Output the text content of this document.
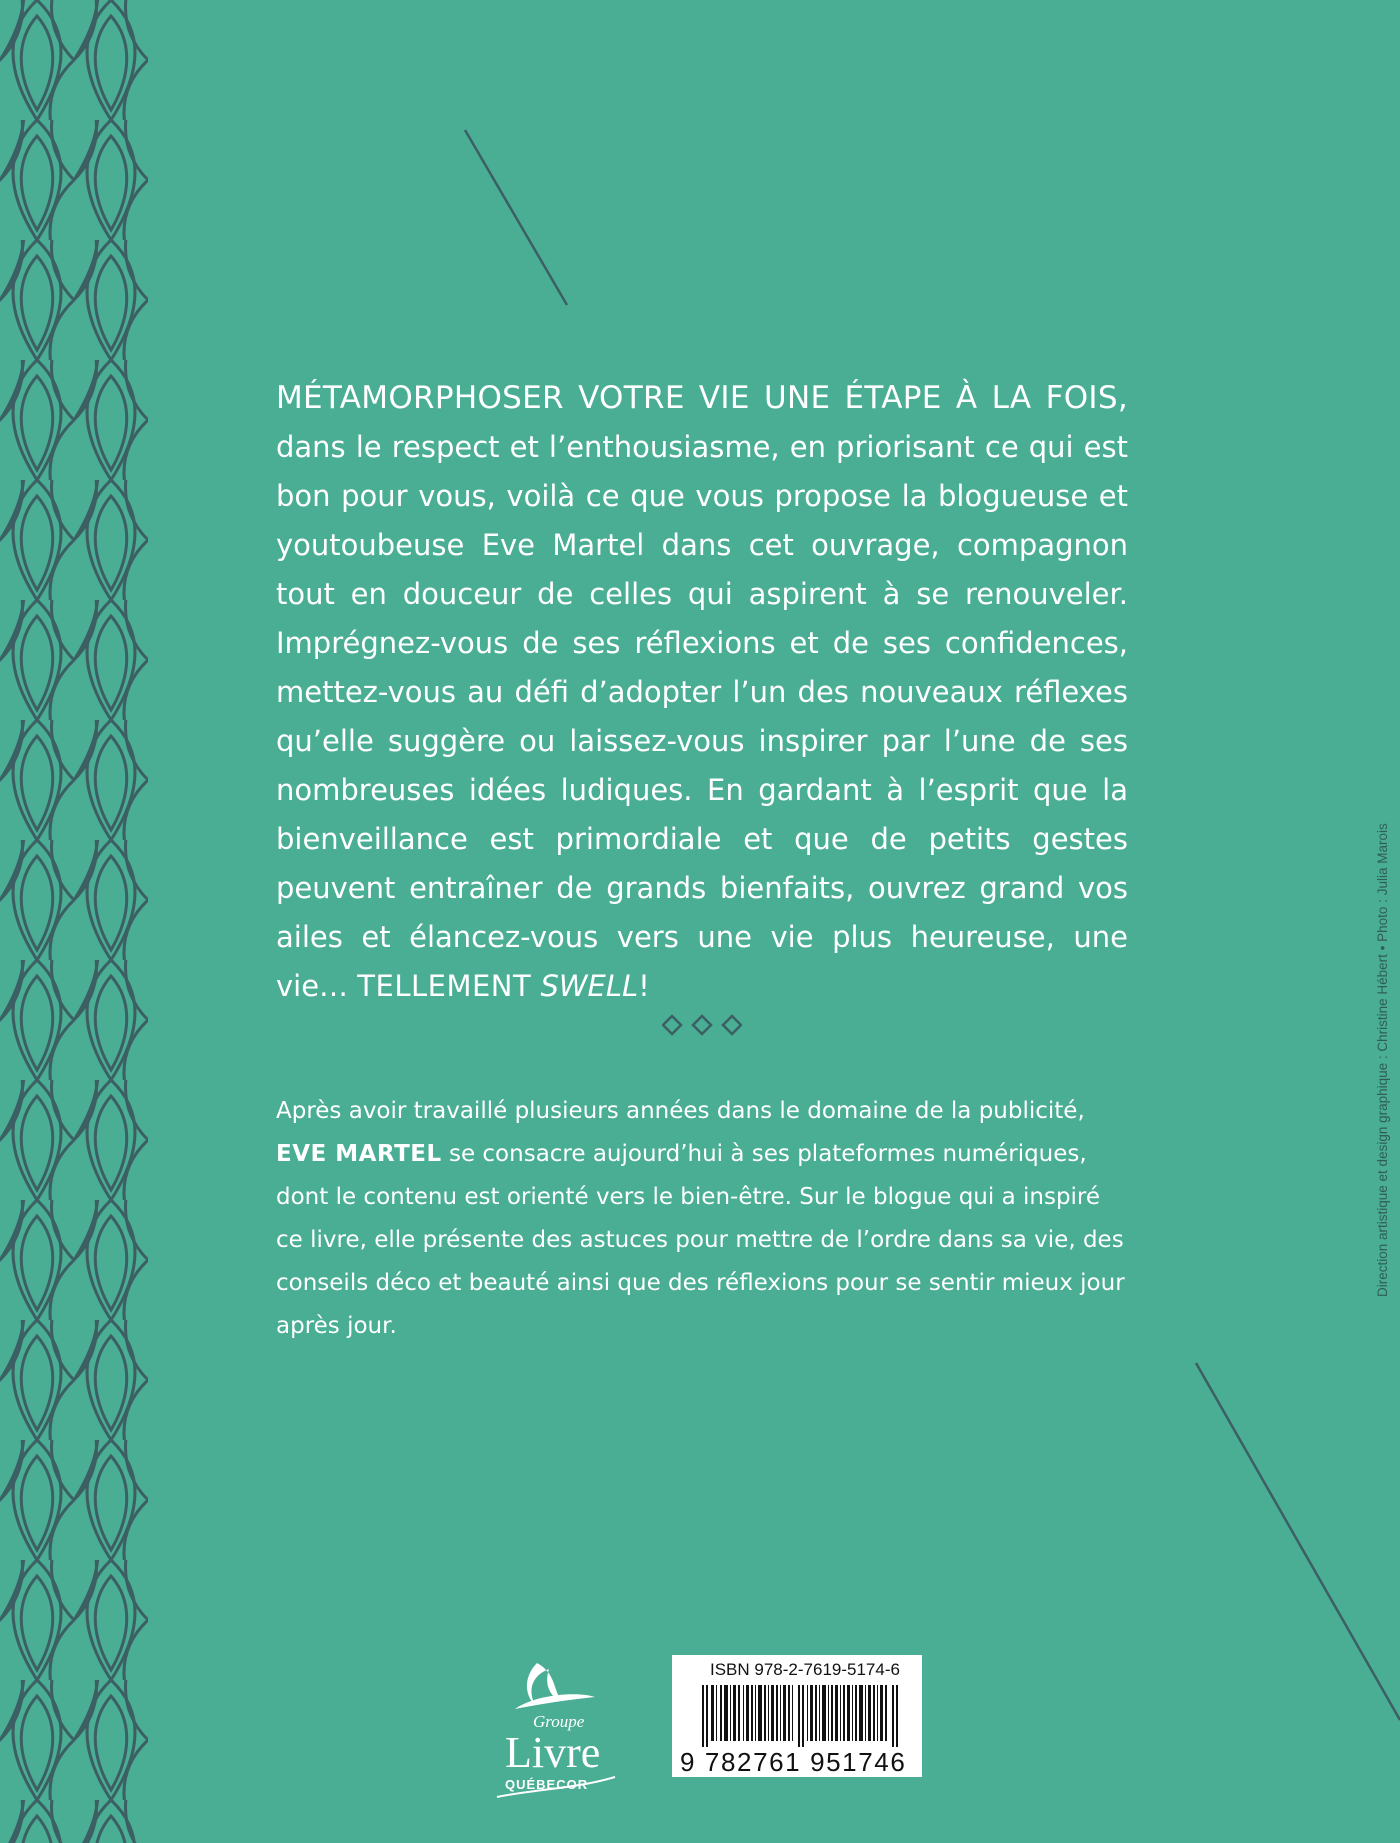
MÉTAMORPHOSER VOTRE VIE UNE ÉTAPE À LA FOIS, dans le respect et l’enthousiasme, en priorisant ce qui est bon pour vous, voilà ce que vous propose la blogueuse et youtoubeuse Eve Martel dans cet ouvrage, compagnon tout en douceur de celles qui aspirent à se renouveler. Imprégnez-vous de ses réflexions et de ses confidences, mettez-vous au défi d’adopter l’un des nouveaux réflexes qu’elle suggère ou laissez-vous inspirer par l’une de ses nombreuses idées ludiques. En gardant à l’esprit que la bienveillance est primordiale et que de petits gestes peuvent entraîner de grands bienfaits, ouvrez grand vos ailes et élancez-vous vers une vie plus heureuse, une vie… TELLEMENT SWELL!

Après avoir travaillé plusieurs années dans le domaine de la publicité, EVE MARTEL se consacre aujourd’hui à ses plateformes numériques, dont le contenu est orienté vers le bien-être. Sur le blogue qui a inspiré ce livre, elle présente des astuces pour mettre de l’ordre dans sa vie, des conseils déco et beauté ainsi que des réflexions pour se sentir mieux jour après jour.

Direction artistique et design graphique : Christine Hébert • Photo : Julia Marois
Groupe
Livre
QUÉBECOR
ISBN 978-2-7619-5174-6
9 782761 951746
